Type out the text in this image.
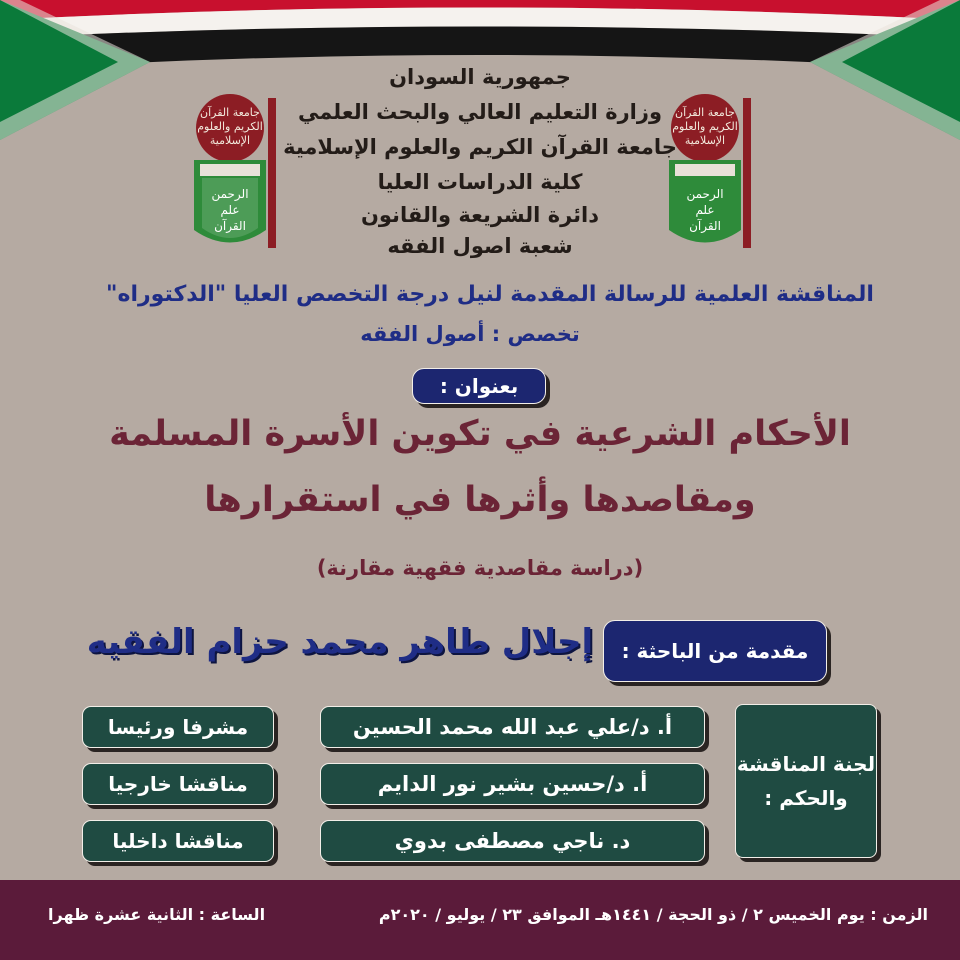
جامعة القرآن
الكريم والعلوم
الإسلامية
الرحمن
علم
القرآن
جامعة القرآن
الكريم والعلوم
الإسلامية
الرحمن
علم
القرآن
جمهورية السودان
وزارة التعليم العالي والبحث العلمي
جامعة القرآن الكريم والعلوم الإسلامية
كلية الدراسات العليا
دائرة الشريعة والقانون
شعبة اصول الفقه
المناقشة العلمية للرسالة المقدمة لنيل درجة التخصص العليا "الدكتوراه"
تخصص : أصول الفقه
بعنوان :
الأحكام الشرعية في تكوين الأسرة المسلمة
ومقاصدها وأثرها في استقرارها
(دراسة مقاصدية فقهية مقارنة)
مقدمة من الباحثة :
إجلال طاهر محمد حزام الفقيه
لجنة المناقشة
والحكم :
أ. د/علي عبد الله محمد الحسين
أ. د/حسين بشير نور الدايم
د. ناجي مصطفى بدوي
مشرفا ورئيسا
مناقشا خارجيا
مناقشا داخليا
الزمن : يوم الخميس ٢ / ذو الحجة / ١٤٤١هـ الموافق ٢٣ / يوليو / ٢٠٢٠م
الساعة : الثانية عشرة ظهرا
